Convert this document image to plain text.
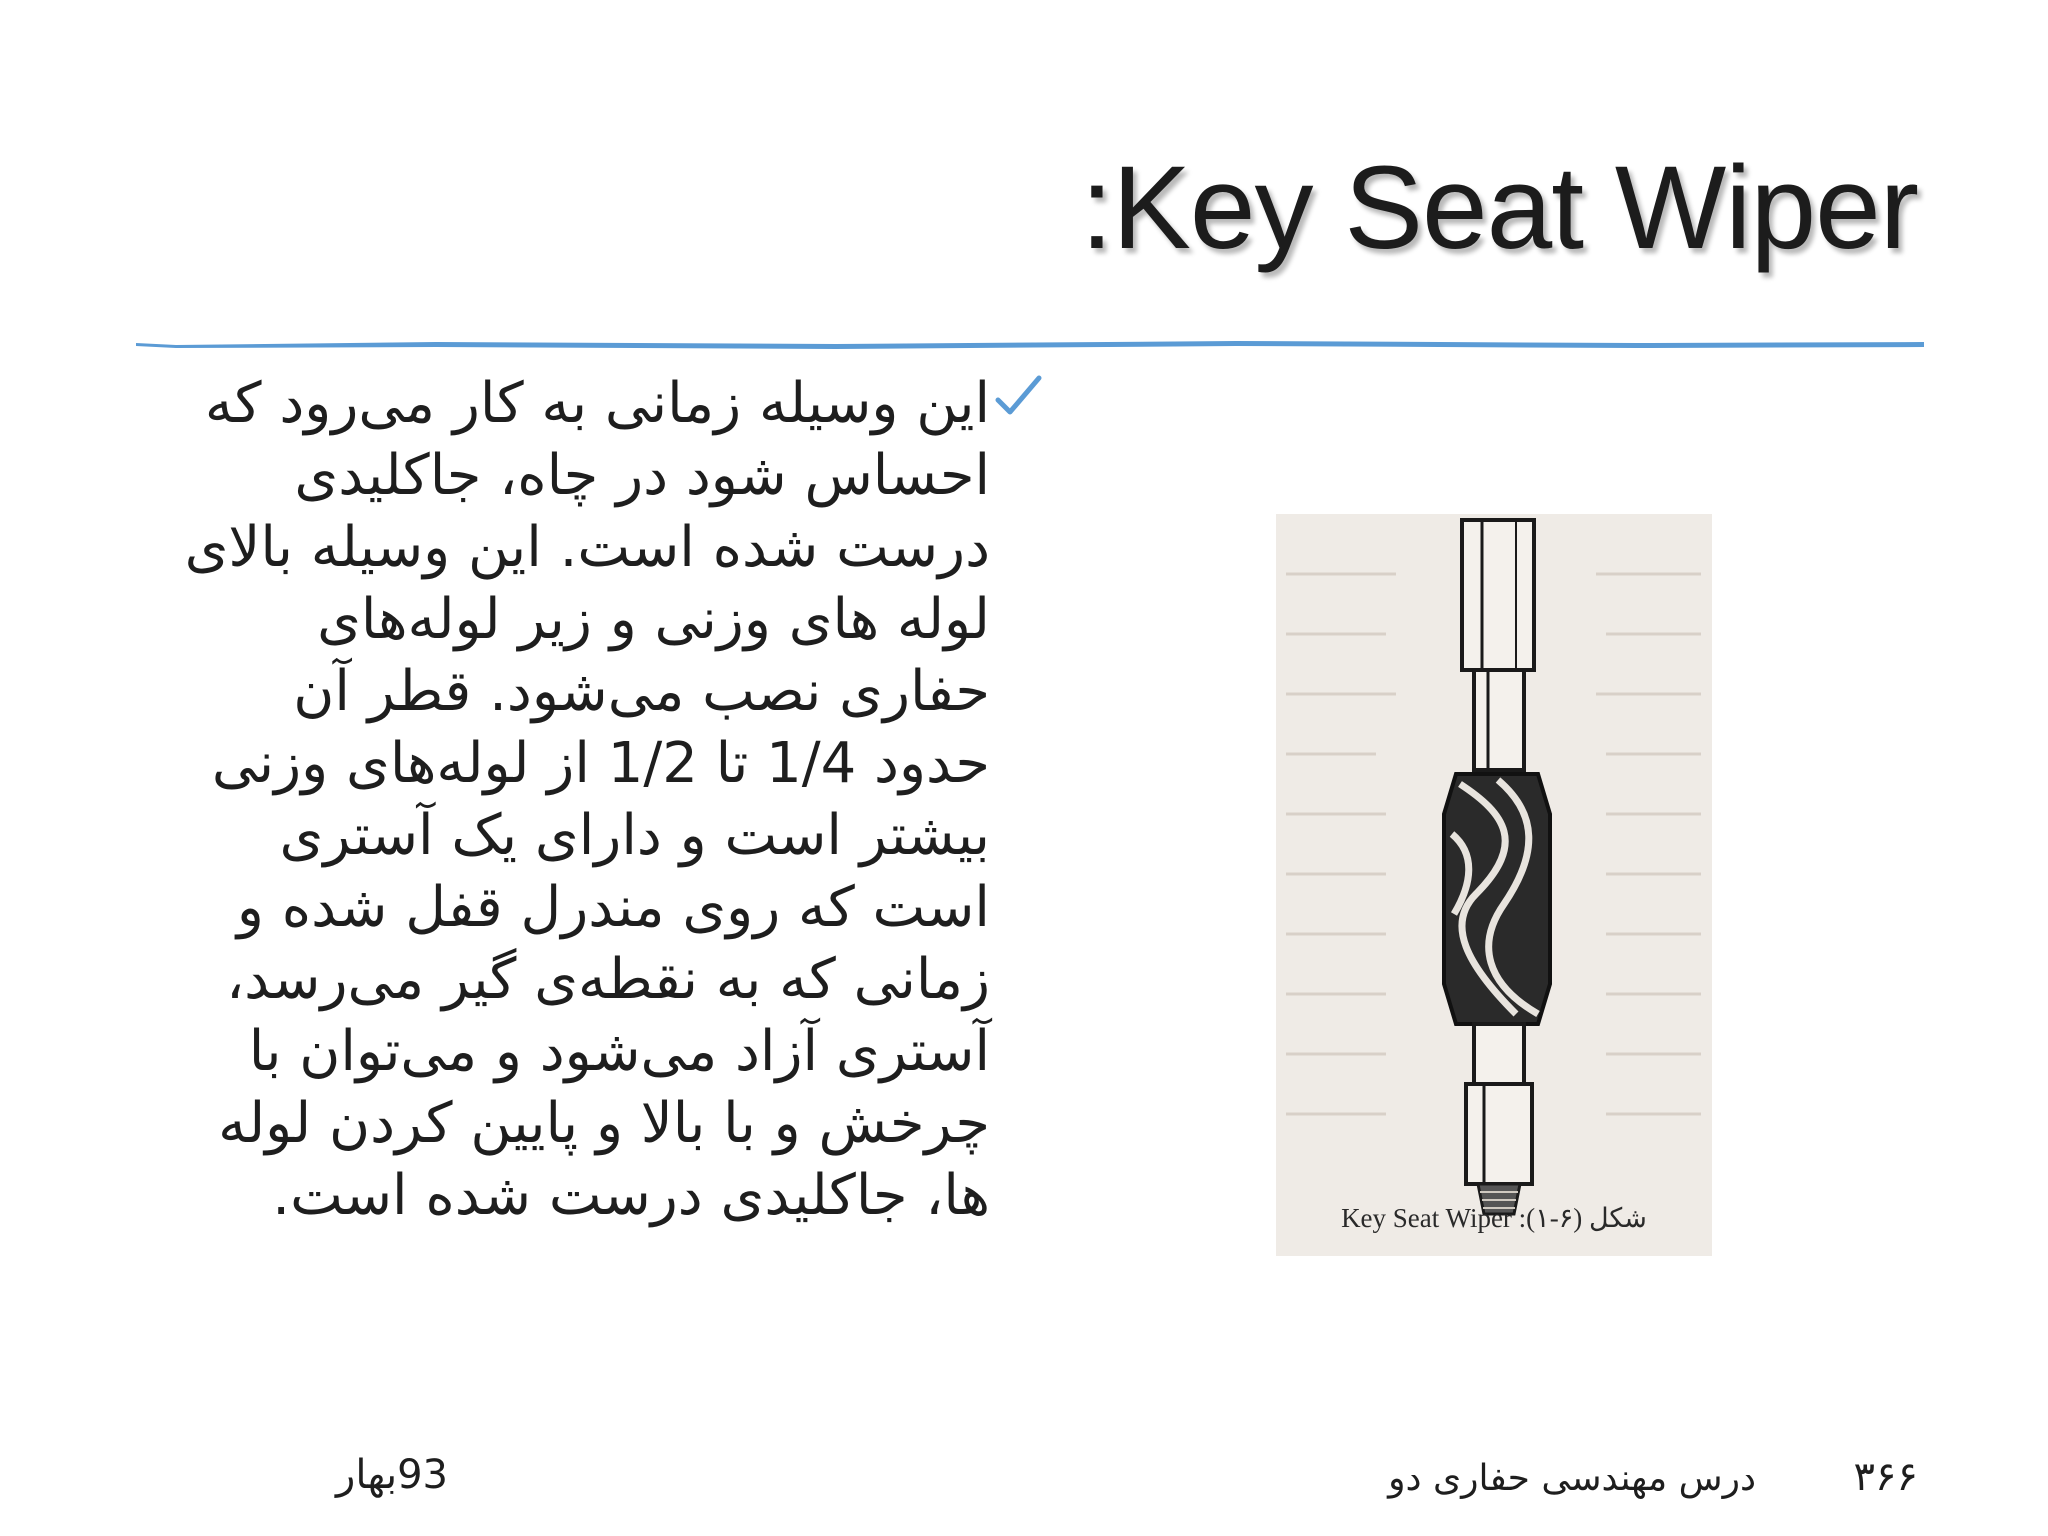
:Key Seat Wiper

این وسیله زمانی به کار می‌رود که احساس شود در چاه، جاکلیدی درست شده است. این وسیله بالای لوله های وزنی و زیر لوله‌های حفاری نصب می‌شود. قطر آن حدود 1/4 تا 1/2 از لوله‌های وزنی بیشتر است و دارای یک آستری است که روی مندرل قفل شده و زمانی که به نقطه‌ی گیر می‌رسد، آستری آزاد می‌شود و می‌توان با چرخش و با بالا و پایین کردن لوله ها، جاکلیدی درست شده است.	شکل (۶-۱): Key Seat Wiper
93بهار	درس مهندسی حفاری دو ۳۶۶
